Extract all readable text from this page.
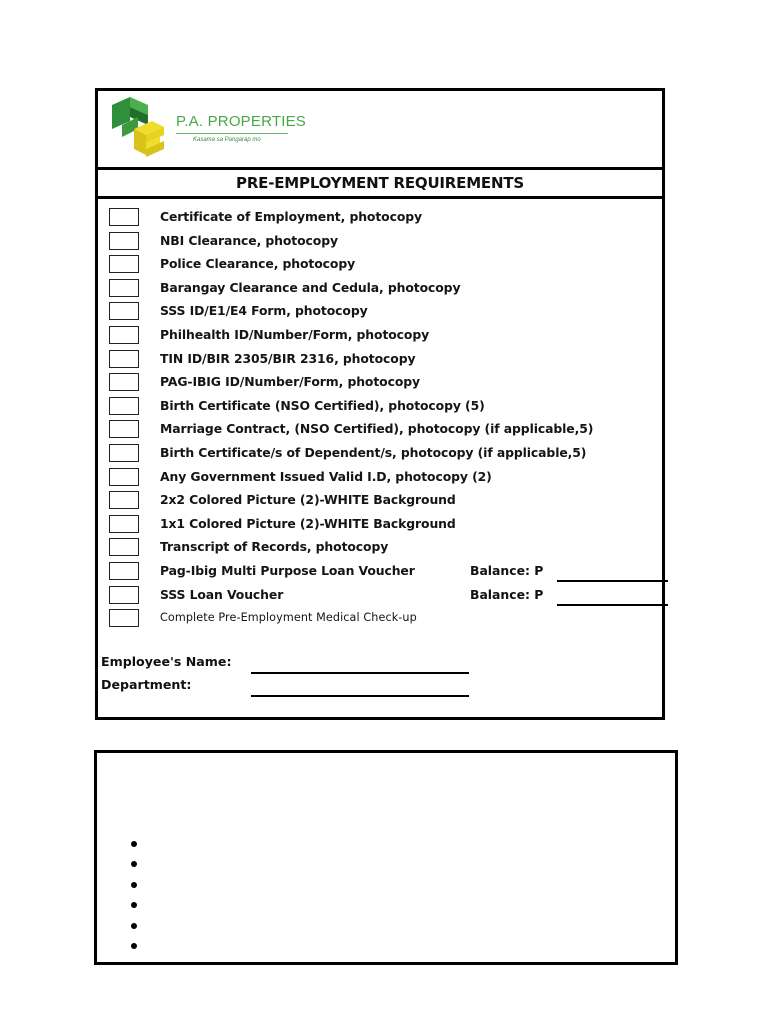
P.A. PROPERTIES
Kasama sa Pangarap mo
PRE-EMPLOYMENT REQUIREMENTS
Certificate of Employment, photocopy
NBI Clearance, photocopy
Police Clearance, photocopy
Barangay Clearance and Cedula, photocopy
SSS ID/E1/E4 Form, photocopy
Philhealth ID/Number/Form, photocopy
TIN ID/BIR 2305/BIR 2316, photocopy
PAG-IBIG ID/Number/Form, photocopy
Birth Certificate (NSO Certified), photocopy (5)
Marriage Contract, (NSO Certified), photocopy (if applicable,5)
Birth Certificate/s of Dependent/s, photocopy (if applicable,5)
Any Government Issued Valid I.D, photocopy (2)
2x2 Colored Picture (2)-WHITE Background
1x1 Colored Picture (2)-WHITE Background
Transcript of Records, photocopy
Pag-Ibig Multi Purpose Loan Voucher	Balance: P
SSS Loan Voucher	Balance: P
Complete Pre-Employment Medical Check-up
Employee's Name:
Department:
